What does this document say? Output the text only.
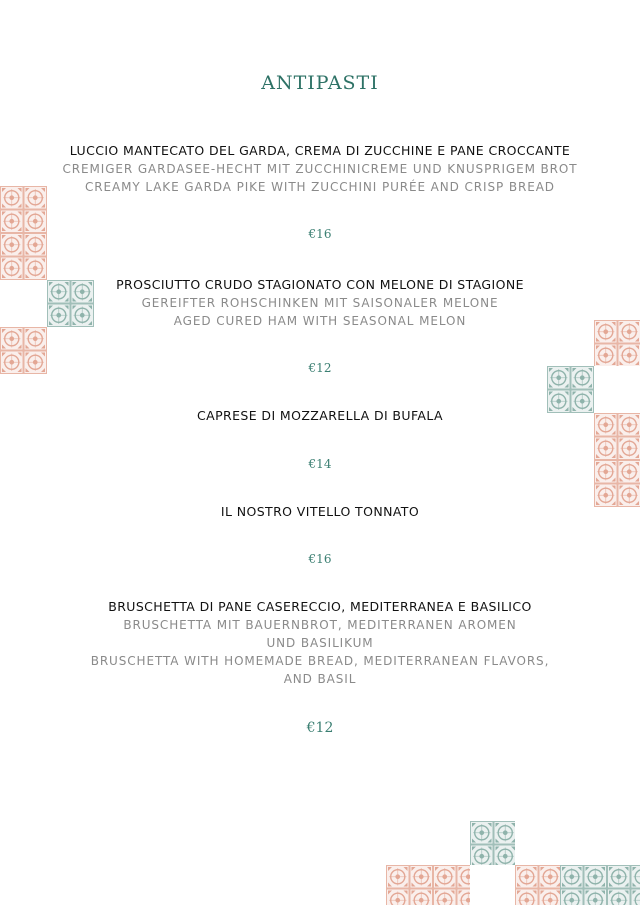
ANTIPASTI
LUCCIO MANTECATO DEL GARDA, CREMA DI ZUCCHINE E PANE CROCCANTE
CREMIGER GARDASEE-HECHT MIT ZUCCHINICREME UND KNUSPRIGEM BROT
CREAMY LAKE GARDA PIKE WITH ZUCCHINI PURÉE AND CRISP BREAD
€16
PROSCIUTTO CRUDO STAGIONATO CON MELONE DI STAGIONE
GEREIFTER ROHSCHINKEN MIT SAISONALER MELONE
AGED CURED HAM WITH SEASONAL MELON
€12
CAPRESE DI MOZZARELLA DI BUFALA
€14
IL NOSTRO VITELLO TONNATO
€16
BRUSCHETTA DI PANE CASERECCIO, MEDITERRANEA E BASILICO
BRUSCHETTA MIT BAUERNBROT, MEDITERRANEN AROMEN
UND BASILIKUM
BRUSCHETTA WITH HOMEMADE BREAD, MEDITERRANEAN FLAVORS,
AND BASIL
€12
